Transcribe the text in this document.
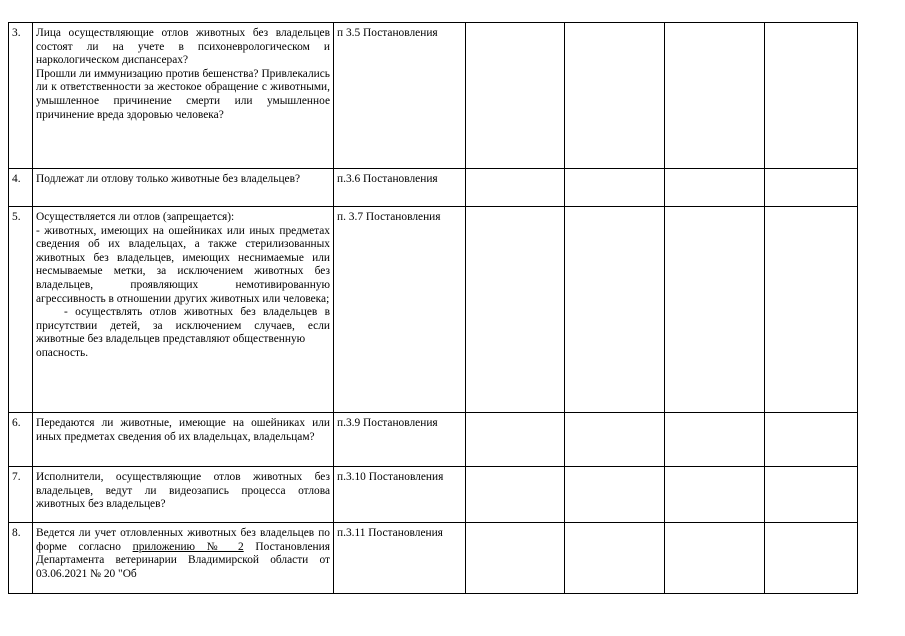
3.	Лица осуществляющие отлов животных без владельцев состоят ли на учете в психоневрологическом и наркологическом диспансерах?

Прошли ли иммунизацию против бешенства? Привлекались ли к ответственности за жестокое обращение с животными, умышленное причинение смерти или умышленное причинение вреда здоровью человека?	п 3.5 Постановления				
4.	Подлежат ли отлову только животные без владельцев?	п.3.6 Постановления				
5.	Осуществляется ли отлов (запрещается):

- животных, имеющих на ошейниках или иных предметах сведения об их владельцах, а также стерилизованных животных без владельцев, имеющих неснимаемые или несмываемые метки, за исключением животных без владельцев, проявляющих немотивированную агрессивность в отношении других животных или человека;

- осуществлять отлов животных без владельцев в присутствии детей, за исключением случаев, если животные без владельцев представляют общественную

опасность.	п. 3.7 Постановления				
6.	Передаются ли животные, имеющие на ошейниках или иных предметах сведения об их владельцах, владельцам?	п.3.9 Постановления				
7.	Исполнители, осуществляющие отлов животных без владельцев, ведут ли видеозапись процесса отлова животных без владельцев?	п.3.10 Постановления				
8.	Ведется ли учет отловленных животных без владельцев по форме согласно приложению № 2 Постановления Департамента ветеринарии Владимирской области от 03.06.2021 № 20 "Об	п.3.11 Постановления				
